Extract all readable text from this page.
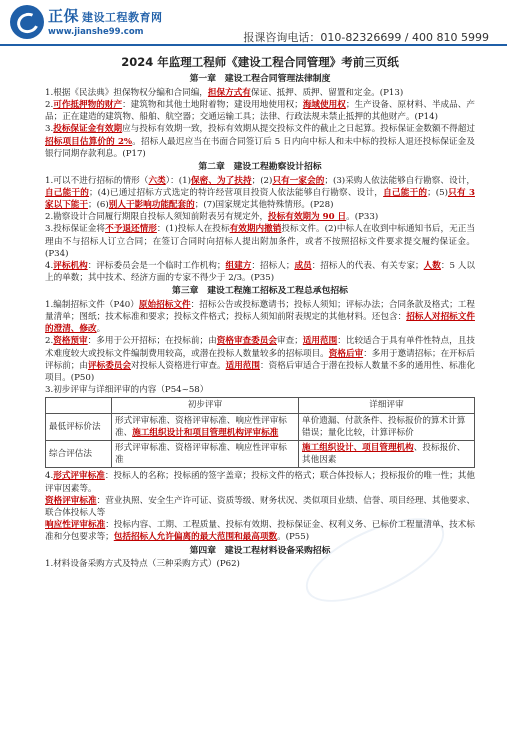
正保 建设工程教育网
www.jianshe99.com	报课咨询电话：010-82326699 / 400 810 5999
2024 年监理工程师《建设工程合同管理》考前三页纸
第一章　建设工程合同管理法律制度

1.根据《民法典》担保物权分编和合同编，担保方式有保证、抵押、质押、留置和定金。(P13)

2.可作抵押物的财产：建筑物和其他土地附着物；建设用地使用权；海域使用权；生产设备、原材料、半成品、产品；正在建造的建筑物、船舶、航空器；交通运输工具；法律、行政法规未禁止抵押的其他财产。(P14)

3.投标保证金有效期应与投标有效期一致，投标有效期从提交投标文件的截止之日起算。投标保证金数额不得超过招标项目估算价的 2%。招标人最迟应当在书面合同签订后 5 日内向中标人和未中标的投标人退还投标保证金及银行同期存款利息。(P17)

第二章　建设工程勘察设计招标

1.可以不进行招标的情形（六类）：(1)保密、为了扶持；(2)只有一家会的；(3)采购人依法能够自行勘察、设计，自己能干的；(4)已通过招标方式选定的特许经营项目投资人依法能够自行勘察、设计，自己能干的；(5)只有 3 家以下能干；(6)别人干影响功能配套的；(7)国家规定其他特殊情形。(P28)

2.勘察设计合同履行期限自投标人须知前附表另有规定外，投标有效期为 90 日。(P33)

3.投标保证金将不予退还情形：(1)投标人在投标有效期内撤销投标文件。(2)中标人在收到中标通知书后，无正当理由不与招标人订立合同；在签订合同时向招标人提出附加条件，或者不按照招标文件要求提交履约保证金。(P34)

4.评标机构：评标委员会是一个临时工作机构；组建方：招标人；成员：招标人的代表、有关专家；人数：5 人以上的单数；其中技术、经济方面的专家不得少于 2/3。(P35)

第三章　建设工程施工招标及工程总承包招标

1.编制招标文件（P40）原始招标文件：招标公告或投标邀请书；投标人须知；评标办法；合同条款及格式；工程量清单；图纸；技术标准和要求；投标文件格式；投标人须知前附表规定的其他材料。还包含：招标人对招标文件的澄清、修改。

2.资格预审：多用于公开招标；在投标前；由资格审查委员会审查；适用范围：比较适合于具有单件性特点，且技术难度较大或投标文件编制费用较高，或潜在投标人数量较多的招标项目。资格后审：多用于邀请招标；在开标后评标前；由评标委员会对投标人资格进行审查。适用范围：资格后审适合于潜在投标人数量不多的通用性、标准化项目。(P50)

3.初步评审与详细评审的内容（P54~58）

	初步评审	详细评审
最低评标价法	形式评审标准、资格评审标准、响应性评审标准、施工组织设计和项目管理机构评审标准	单价遗漏、付款条件、投标报价的算术计算错误；量化比较，计算评标价
综合评估法	形式评审标准、资格评审标准、响应性评审标准	施工组织设计、项目管理机构、投标报价、其他因素

4.形式评审标准：投标人的名称；投标函的签字盖章；投标文件的格式；联合体投标人；投标报价的唯一性；其他评审因素等。

资格评审标准：营业执照、安全生产许可证、资质等级、财务状况、类似项目业绩、信誉、项目经理、其他要求、联合体投标人等

响应性评审标准：投标内容、工期、工程质量、投标有效期、投标保证金、权利义务、已标价工程量清单、技术标准和分包要求等；包括招标人允许偏离的最大范围和最高项数。(P55)

第四章　建设工程材料设备采购招标

1.材料设备采购方式及特点（三种采购方式）(P62)
